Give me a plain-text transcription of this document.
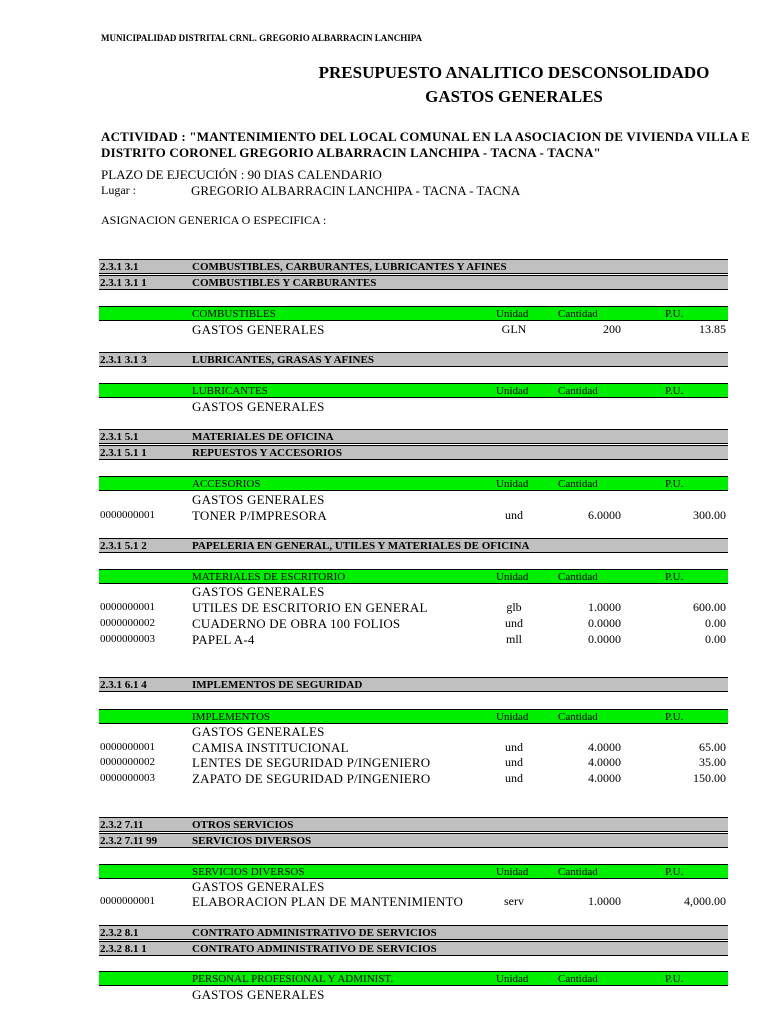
MUNICIPALIDAD DISTRITAL CRNL. GREGORIO ALBARRACIN LANCHIPA
PRESUPUESTO ANALITICO DESCONSOLIDADO
GASTOS GENERALES
ACTIVIDAD : "MANTENIMIENTO DEL LOCAL COMUNAL EN LA ASOCIACION DE VIVIENDA VILLA E
DISTRITO CORONEL GREGORIO ALBARRACIN LANCHIPA - TACNA - TACNA"
PLAZO DE EJECUCIÓN : 90 DIAS CALENDARIO
Lugar :	GREGORIO ALBARRACIN LANCHIPA - TACNA - TACNA
ASIGNACION GENERICA O ESPECIFICA :
2.3.1 3.1	COMBUSTIBLES, CARBURANTES, LUBRICANTES Y AFINES
2.3.1 3.1 1	COMBUSTIBLES Y CARBURANTES
COMBUSTIBLES	Unidad	Cantidad	P.U.
GASTOS GENERALES	GLN	200	13.85
2.3.1 3.1 3	LUBRICANTES, GRASAS Y AFINES
LUBRICANTES	Unidad	Cantidad	P.U.
GASTOS GENERALES
2.3.1 5.1	MATERIALES DE OFICINA
2.3.1 5.1 1	REPUESTOS Y ACCESORIOS
ACCESORIOS	Unidad	Cantidad	P.U.
GASTOS GENERALES
0000000001	TONER P/IMPRESORA	und	6.0000	300.00
2.3.1 5.1 2	PAPELERIA EN GENERAL, UTILES Y MATERIALES DE OFICINA
MATERIALES DE ESCRITORIO	Unidad	Cantidad	P.U.
GASTOS GENERALES
0000000001	UTILES DE ESCRITORIO EN GENERAL	glb	1.0000	600.00
0000000002	CUADERNO DE OBRA 100 FOLIOS	und	0.0000	0.00
0000000003	PAPEL A-4	mll	0.0000	0.00
2.3.1 6.1 4	IMPLEMENTOS DE SEGURIDAD
IMPLEMENTOS	Unidad	Cantidad	P.U.
GASTOS GENERALES
0000000001	CAMISA INSTITUCIONAL	und	4.0000	65.00
0000000002	LENTES DE SEGURIDAD P/INGENIERO	und	4.0000	35.00
0000000003	ZAPATO DE SEGURIDAD P/INGENIERO	und	4.0000	150.00
2.3.2 7.11	OTROS SERVICIOS
2.3.2 7.11 99	SERVICIOS DIVERSOS
SERVICIOS DIVERSOS	Unidad	Cantidad	P.U.
GASTOS GENERALES
0000000001	ELABORACION PLAN DE MANTENIMIENTO	serv	1.0000	4,000.00
2.3.2 8.1	CONTRATO ADMINISTRATIVO DE SERVICIOS
2.3.2 8.1 1	CONTRATO ADMINISTRATIVO DE SERVICIOS
PERSONAL PROFESIONAL Y ADMINIST.	Unidad	Cantidad	P.U.
GASTOS GENERALES
